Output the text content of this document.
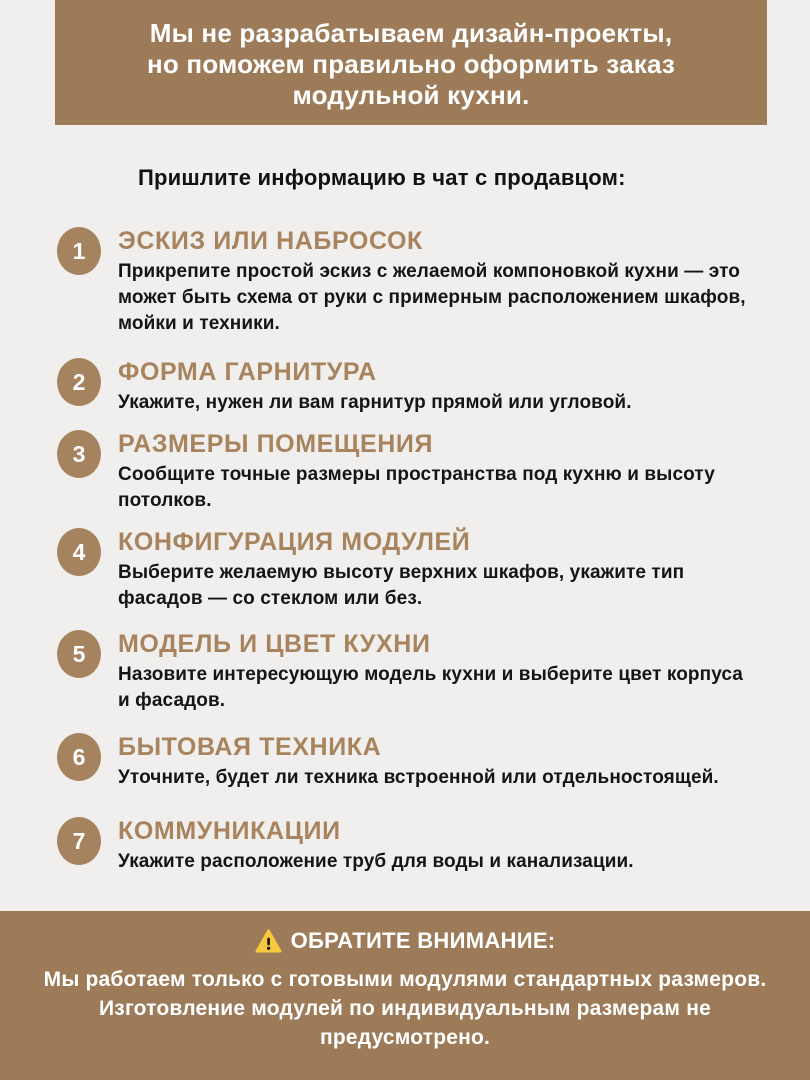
Мы не разрабатываем дизайн-проекты,
но поможем правильно оформить заказ
модульной кухни.
Пришлите информацию в чат с продавцом:
1	ЭСКИЗ ИЛИ НАБРОСОК
Прикрепите простой эскиз с желаемой компоновкой кухни — это может быть схема от руки с примерным расположением шкафов, мойки и техники.
2	ФОРМА ГАРНИТУРА
Укажите, нужен ли вам гарнитур прямой или угловой.
3	РАЗМЕРЫ ПОМЕЩЕНИЯ
Сообщите точные размеры пространства под кухню и высоту потолков.
4	КОНФИГУРАЦИЯ МОДУЛЕЙ
Выберите желаемую высоту верхних шкафов, укажите тип фасадов — со стеклом или без.
5	МОДЕЛЬ И ЦВЕТ КУХНИ
Назовите интересующую модель кухни и выберите цвет корпуса и фасадов.
6	БЫТОВАЯ ТЕХНИКА
Уточните, будет ли техника встроенной или отдельностоящей.
7	КОММУНИКАЦИИ
Укажите расположение труб для воды и канализации.
ОБРАТИТЕ ВНИМАНИЕ:
Мы работаем только с готовыми модулями стандартных размеров. Изготовление модулей по индивидуальным размерам не предусмотрено.
